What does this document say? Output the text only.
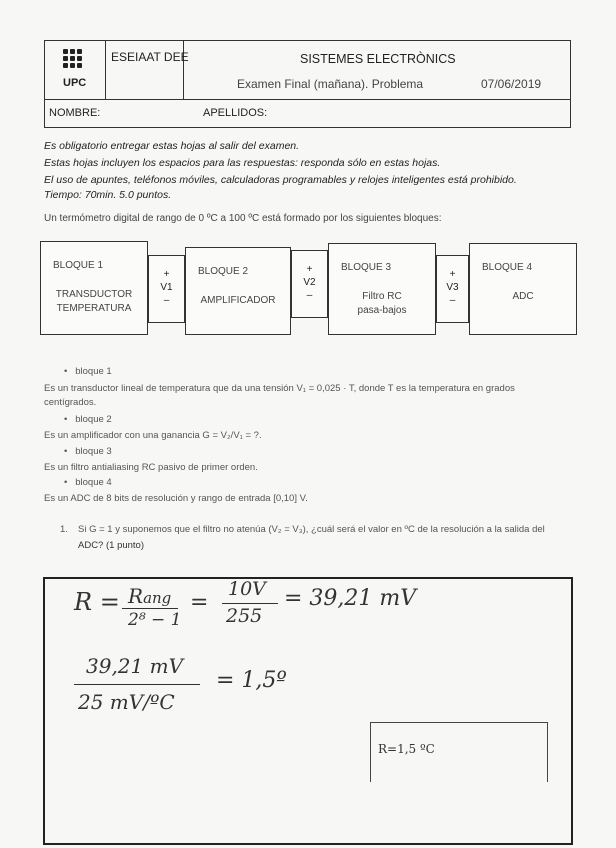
UPC
ESEIAAT DEE	SISTEMES ELECTRÒNICS
Examen Final (mañana). Problema	07/06/2019
NOMBRE:	APELLIDOS:
Es obligatorio entregar estas hojas al salir del examen.
Estas hojas incluyen los espacios para las respuestas: responda sólo en estas hojas.
El uso de apuntes, teléfonos móviles, calculadoras programables y relojes inteligentes está prohibido.
Tiempo: 70min. 5.0 puntos.
Un termómetro digital de rango de 0 ºC a 100 ºC está formado por los siguientes bloques:
BLOQUE 1
TRANSDUCTOR
TEMPERATURA
+
V1
–
BLOQUE 2
AMPLIFICADOR
+
V2
–
BLOQUE 3
Filtro RC
pasa-bajos
+
V3
–
BLOQUE 4
ADC
•   bloque 1
Es un transductor lineal de temperatura que da una tensión V₁ = 0,025 · T, donde T es la temperatura en grados
centígrados.
•   bloque 2
Es un amplificador con una ganancia G = V₂/V₁ = ?.
•   bloque 3
Es un filtro antialiasing RC pasivo de primer orden.
•   bloque 4
Es un ADC de 8 bits de resolución y rango de entrada [0,10] V.
1. Si G = 1 y suponemos que el filtro no atenúa (V₂ = V₃), ¿cuál será el valor en ºC de la resolución a la salida del
ADC? (1 punto)
R = Rang
2⁸ − 1
=
10V
255
= 39,21 mV
39,21 mV
25 mV/ºC
= 1,5º
R=1,5 ºC
